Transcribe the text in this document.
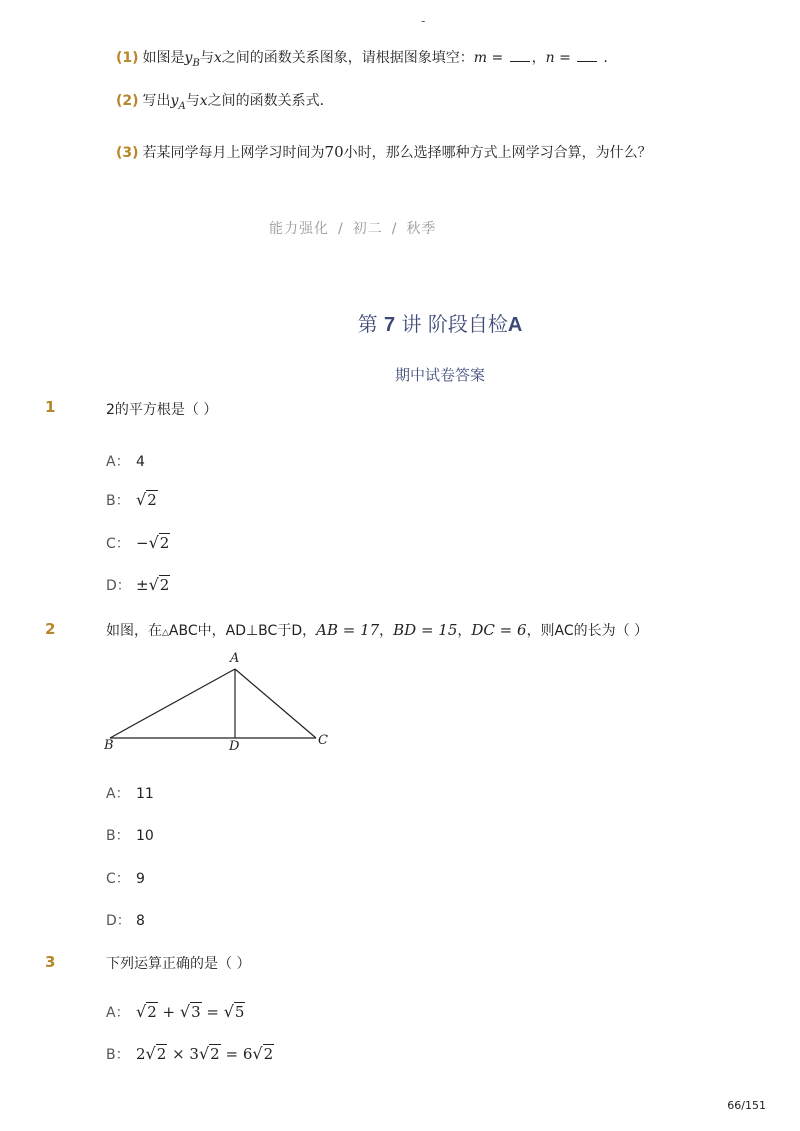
-
(1) 如图是$y_B$与x之间的函数关系图象，请根据图象填空：m = ，n = .
(2) 写出$y_A$与x之间的函数关系式．
(3) 若某同学每月上网学习时间为70小时，那么选择哪种方式上网学习合算，为什么？
能力强化 / 初二 / 秋季
第 7 讲 阶段自检A
期中试卷答案
1	2的平方根是（ ）
A： 4
B： √2
C： −√2
D： ±√2
2	如图，在△ABC中，AD⊥BC于D，AB = 17，BD = 15，DC = 6，则AC的长为（ ）
A
B	C
D
A： 11
B： 10
C： 9
D： 8
3	下列运算正确的是（ ）
A： √2 + √3 = √5
B： 2√2 × 3√2 = 6√2
66/151
